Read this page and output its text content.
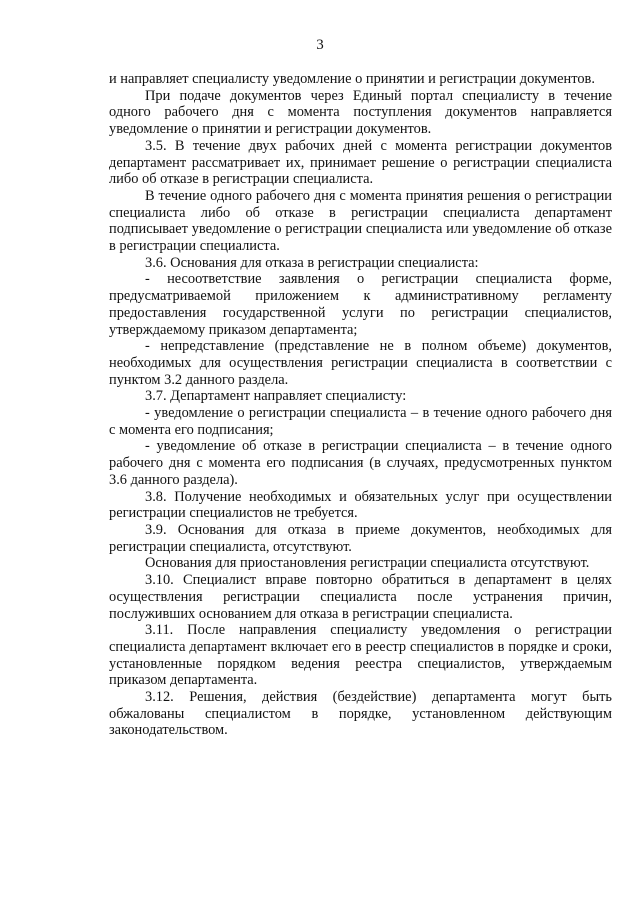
3

и направляет специалисту уведомление о принятии и регистрации документов.

При подаче документов через Единый портал специалисту в течение одного рабочего дня с момента поступления документов направляется уведомление о принятии и регистрации документов.

3.5. В течение двух рабочих дней с момента регистрации документов департамент рассматривает их, принимает решение о регистрации специалиста либо об отказе в регистрации специалиста.

В течение одного рабочего дня с момента принятия решения о регистрации специалиста либо об отказе в регистрации специалиста департамент подписывает уведомление о регистрации специалиста или уведомление об отказе в регистрации специалиста.

3.6. Основания для отказа в регистрации специалиста:

- несоответствие заявления о регистрации специалиста форме, предусматриваемой приложением к административному регламенту предоставления государственной услуги по регистрации специалистов, утверждаемому приказом департамента;

- непредставление (представление не в полном объеме) документов, необходимых для осуществления регистрации специалиста в соответствии с пунктом 3.2 данного раздела.

3.7. Департамент направляет специалисту:

- уведомление о регистрации специалиста – в течение одного рабочего дня с момента его подписания;

- уведомление об отказе в регистрации специалиста – в течение одного рабочего дня с момента его подписания (в случаях, предусмотренных пунктом 3.6 данного раздела).

3.8. Получение необходимых и обязательных услуг при осуществлении регистрации специалистов не требуется.

3.9. Основания для отказа в приеме документов, необходимых для регистрации специалиста, отсутствуют.

Основания для приостановления регистрации специалиста отсутствуют.

3.10. Специалист вправе повторно обратиться в департамент в целях осуществления регистрации специалиста после устранения причин, послуживших основанием для отказа в регистрации специалиста.

3.11. После направления специалисту уведомления о регистрации специалиста департамент включает его в реестр специалистов в порядке и сроки, установленные порядком ведения реестра специалистов, утверждаемым приказом департамента.

3.12. Решения, действия (бездействие) департамента могут быть обжалованы специалистом в порядке, установленном действующим законодательством.
